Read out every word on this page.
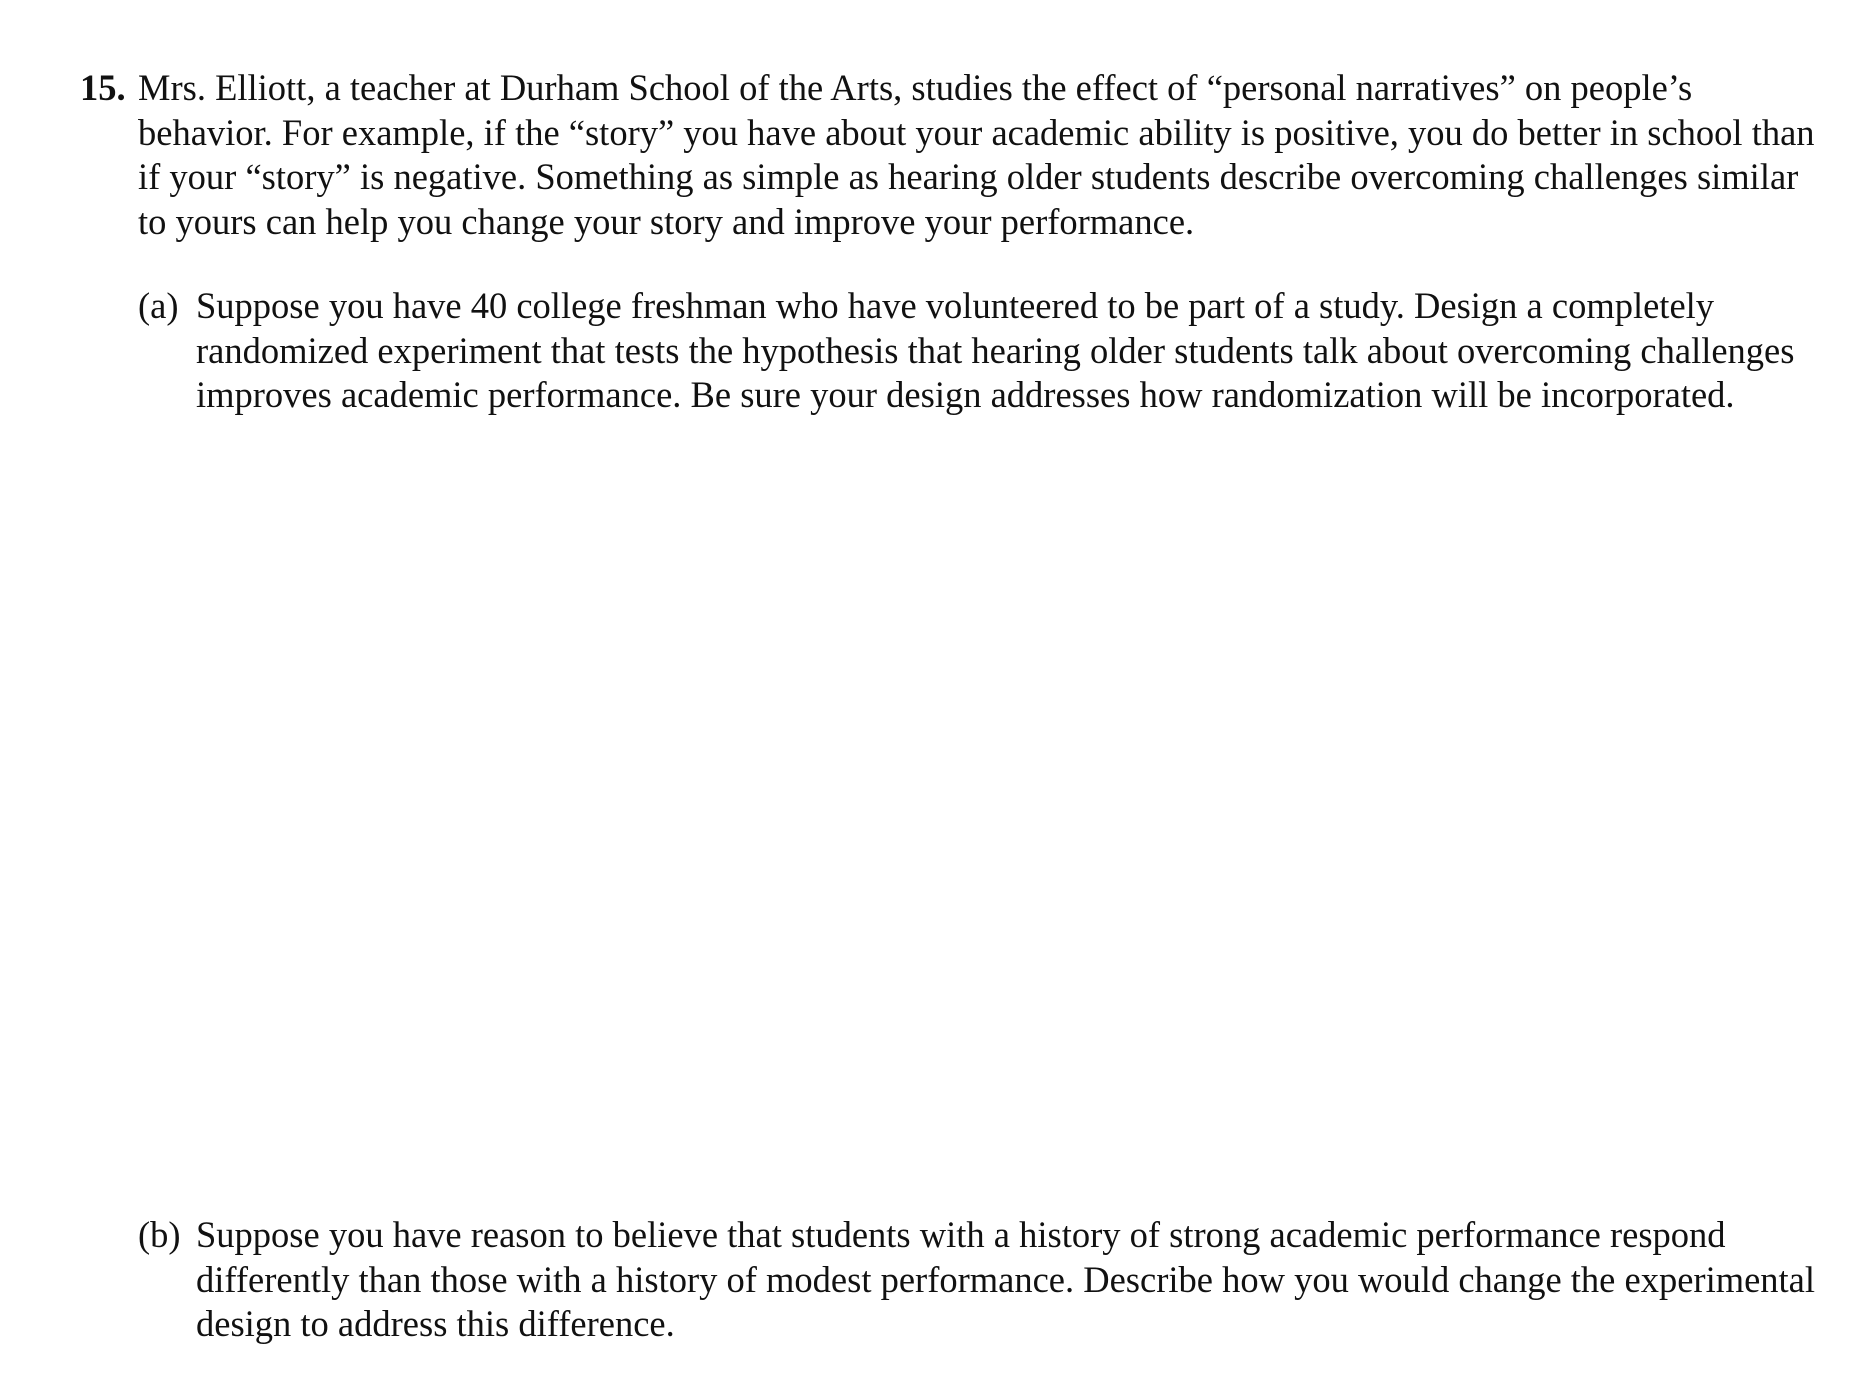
15. Mrs. Elliott, a teacher at Durham School of the Arts, studies the effect of “personal narratives” on people’s behavior. For example, if the “story” you have about your academic ability is positive, you do better in school than if your “story” is negative. Something as simple as hearing older students describe overcoming challenges similar to yours can help you change your story and improve your performance.

(a) Suppose you have 40 college freshman who have volunteered to be part of a study. Design a completely randomized experiment that tests the hypothesis that hearing older students talk about overcoming challenges improves academic performance. Be sure your design addresses how randomization will be incorporated.

(b) Suppose you have reason to believe that students with a history of strong academic performance respond differently than those with a history of modest performance. Describe how you would change the experimental design to address this difference.
